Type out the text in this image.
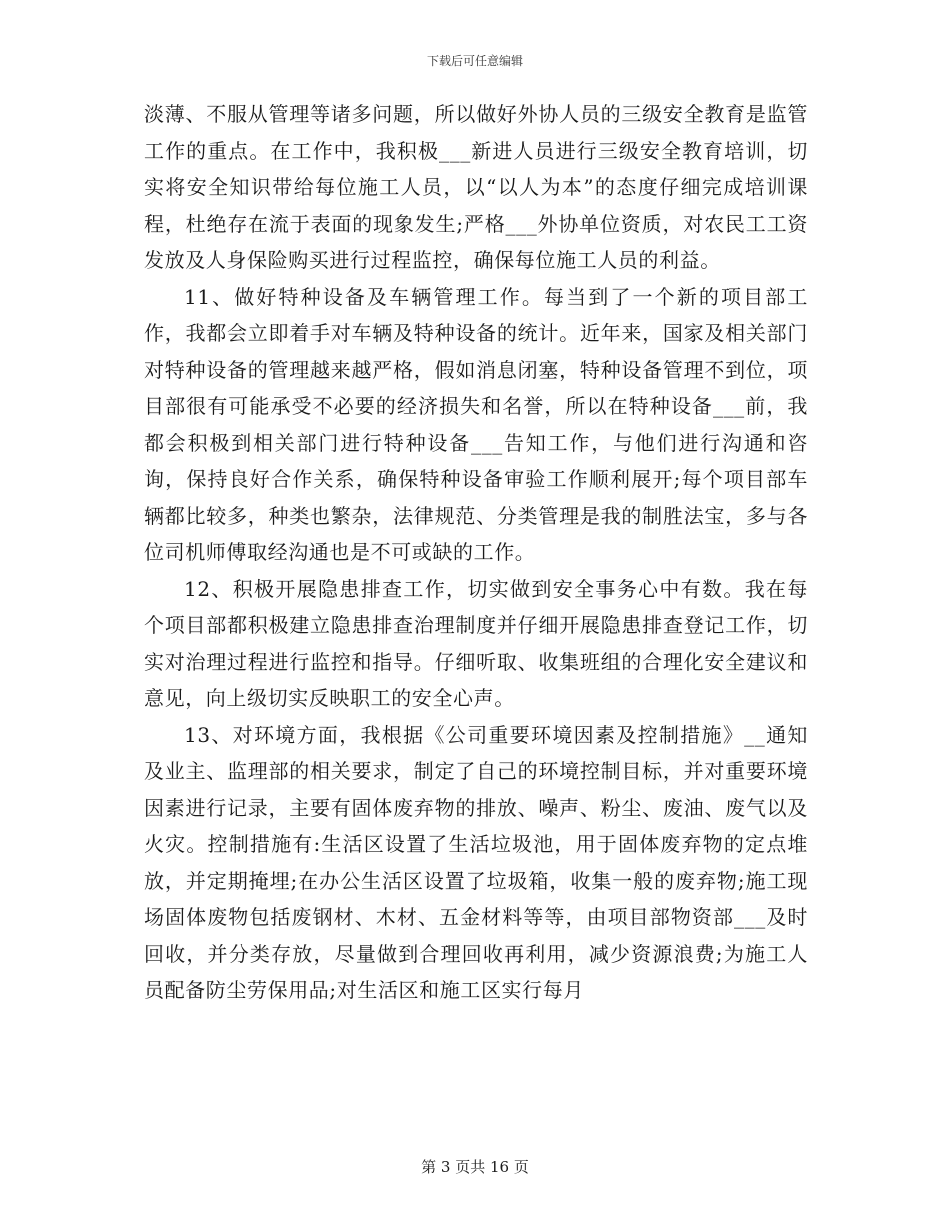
下载后可任意编辑

淡薄、不服从管理等诸多问题，所以做好外协人员的三级安全教育是监管工作的重点。在工作中，我积极___新进人员进行三级安全教育培训，切实将安全知识带给每位施工人员，以“以人为本”的态度仔细完成培训课程，杜绝存在流于表面的现象发生;严格___外协单位资质，对农民工工资发放及人身保险购买进行过程监控，确保每位施工人员的利益。

11、做好特种设备及车辆管理工作。每当到了一个新的项目部工作，我都会立即着手对车辆及特种设备的统计。近年来，国家及相关部门对特种设备的管理越来越严格，假如消息闭塞，特种设备管理不到位，项目部很有可能承受不必要的经济损失和名誉，所以在特种设备___前，我都会积极到相关部门进行特种设备___告知工作，与他们进行沟通和咨询，保持良好合作关系，确保特种设备审验工作顺利展开;每个项目部车辆都比较多，种类也繁杂，法律规范、分类管理是我的制胜法宝，多与各位司机师傅取经沟通也是不可或缺的工作。

12、积极开展隐患排查工作，切实做到安全事务心中有数。我在每个项目部都积极建立隐患排查治理制度并仔细开展隐患排查登记工作，切实对治理过程进行监控和指导。仔细听取、收集班组的合理化安全建议和意见，向上级切实反映职工的安全心声。

13、对环境方面，我根据《公司重要环境因素及控制措施》__通知及业主、监理部的相关要求，制定了自己的环境控制目标，并对重要环境因素进行记录，主要有固体废弃物的排放、噪声、粉尘、废油、废气以及火灾。控制措施有:生活区设置了生活垃圾池，用于固体废弃物的定点堆放，并定期掩埋;在办公生活区设置了垃圾箱，收集一般的废弃物;施工现场固体废物包括废钢材、木材、五金材料等等，由项目部物资部___及时回收，并分类存放，尽量做到合理回收再利用，减少资源浪费;为施工人员配备防尘劳保用品;对生活区和施工区实行每月

第 3 页共 16 页
